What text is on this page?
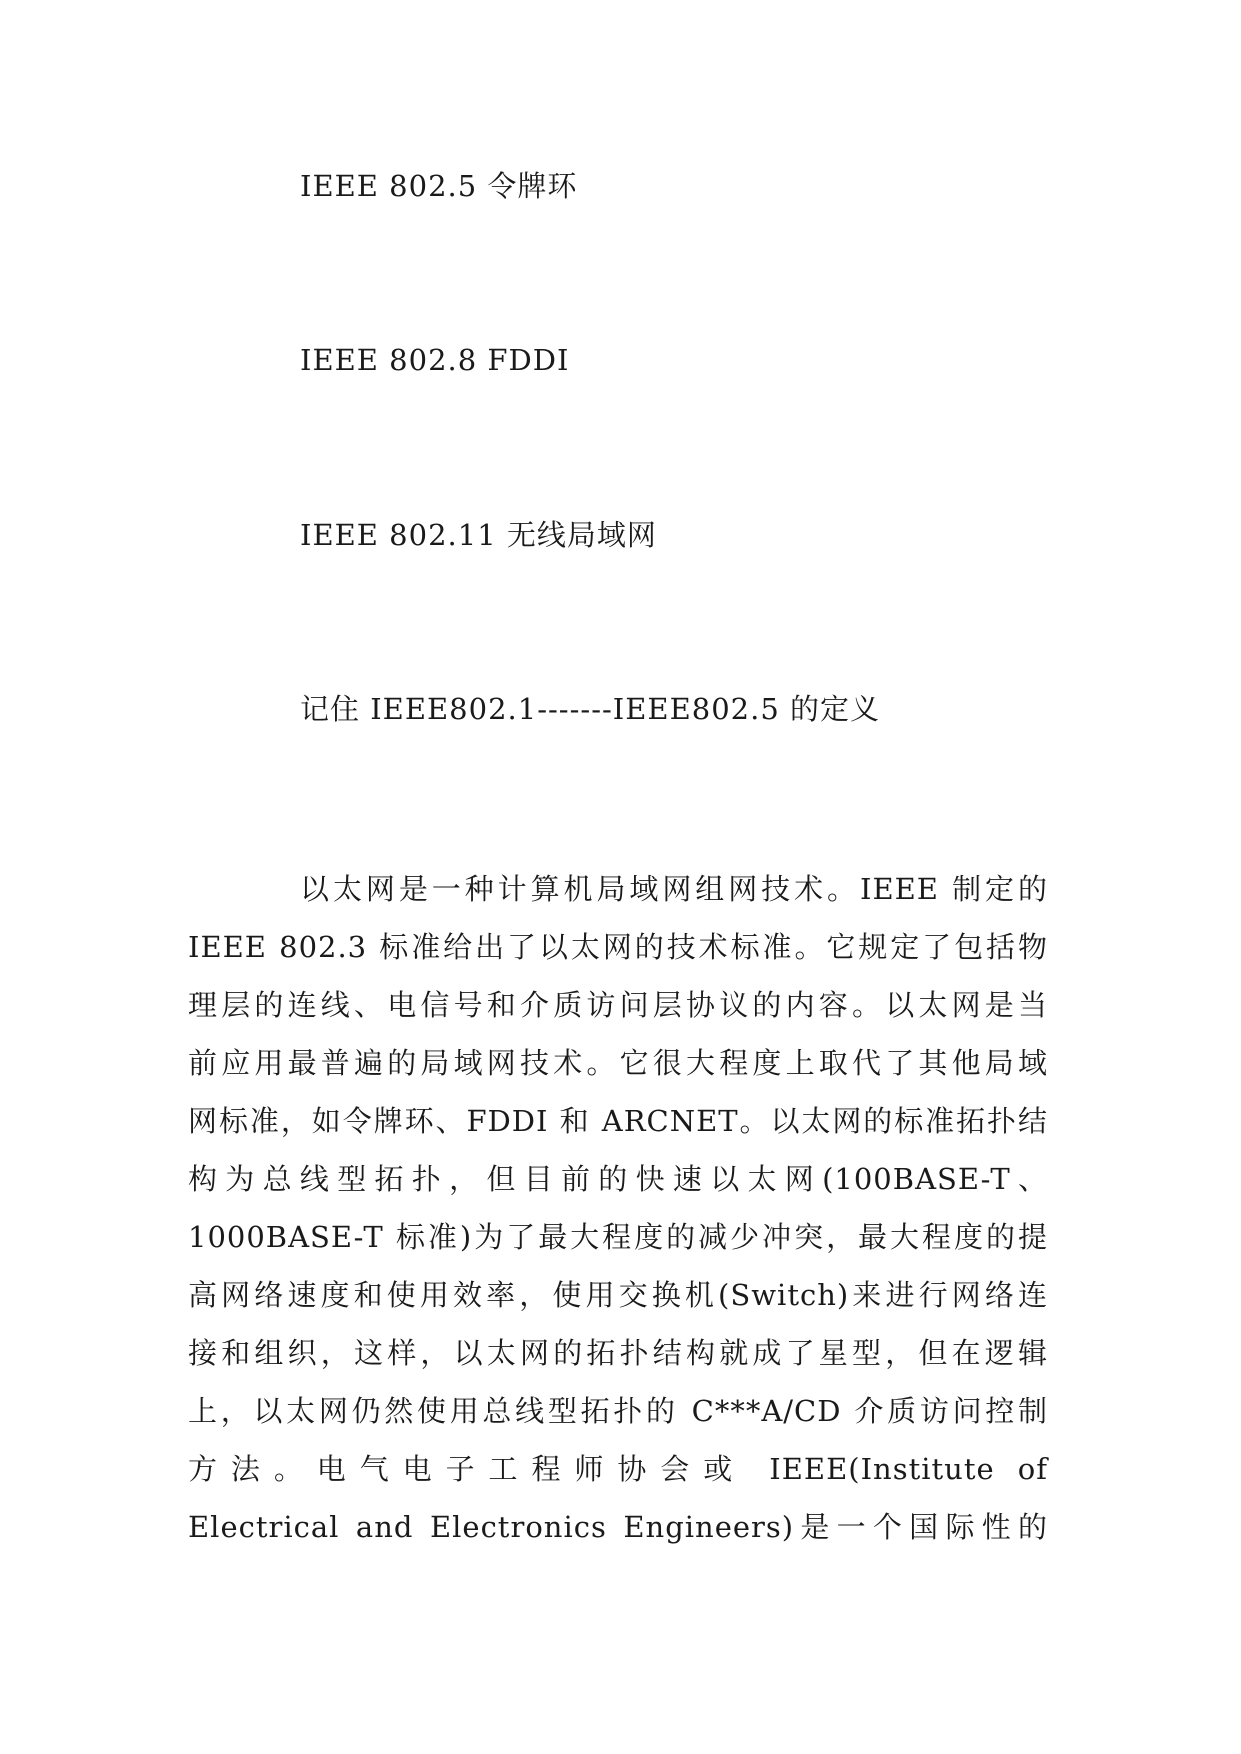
IEEE 802.5 令牌环
IEEE 802.8 FDDI
IEEE 802.11 无线局域网
记住 IEEE802.1-------IEEE802.5 的定义
以太网是一种计算机局域网组网技术。IEEE 制定的
IEEE 802.3 标准给出了以太网的技术标准。它规定了包括物
理层的连线、电信号和介质访问层协议的内容。以太网是当
前应用最普遍的局域网技术。它很大程度上取代了其他局域
网标准，如令牌环、FDDI 和 ARCNET。以太网的标准拓扑结
构为总线型拓扑，但目前的快速以太网(100BASE-T、
1000BASE-T 标准)为了最大程度的减少冲突，最大程度的提
高网络速度和使用效率，使用交换机(Switch)来进行网络连
接和组织，这样，以太网的拓扑结构就成了星型，但在逻辑
上，以太网仍然使用总线型拓扑的 C***A/CD 介质访问控制
方法。电气电子工程师协会或 IEEE(Institute of
Electrical and Electronics Engineers)是一个国际性的
